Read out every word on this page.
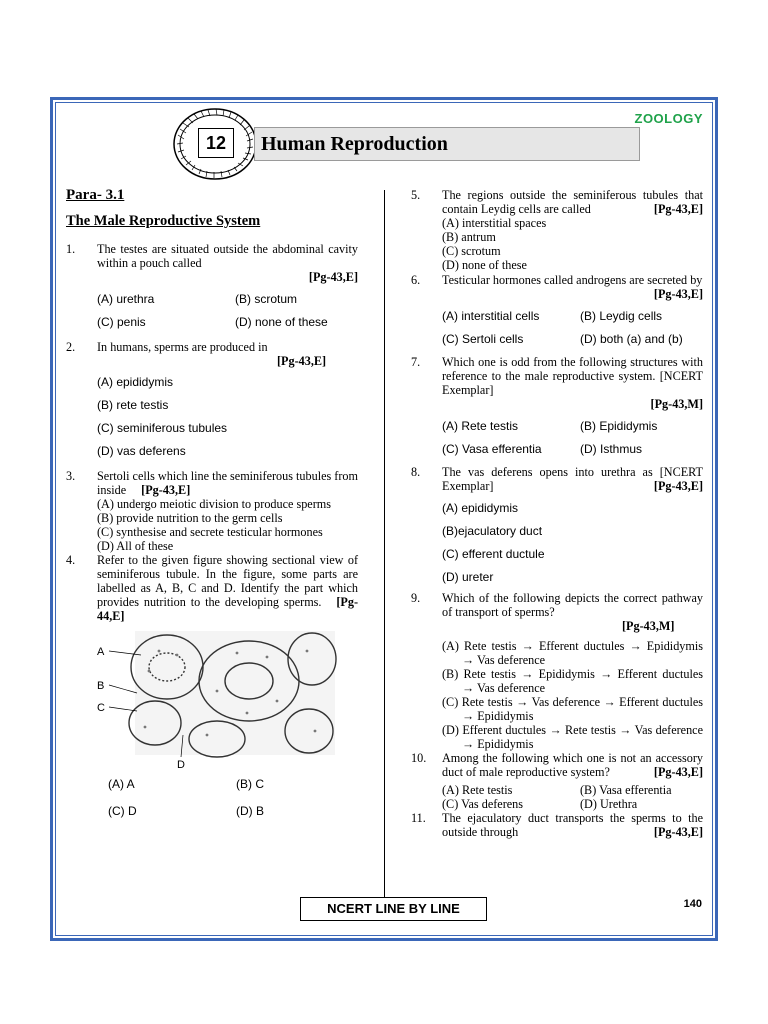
ZOOLOGY
12	Human Reproduction
Para- 3.1
The Male Reproductive System
1.	The testes are situated outside the abdominal cavity within a pouch called

[Pg-43,E]
(A) urethra	(B) scrotum
(C) penis	(D) none of these
2.	In humans, sperms are produced in
[Pg-43,E]
(A) epididymis
(B) rete testis
(C) seminiferous tubules
(D) vas deferens
3.	Sertoli cells which line the seminiferous tubules from inside [Pg-43,E]
(A) undergo meiotic division to produce sperms
(B) provide nutrition to the germ cells
(C) synthesise and secrete testicular hormones
(D) All of these
4.	Refer to the given figure showing sectional view of seminiferous tubule. In the figure, some parts are labelled as A, B, C and D. Identify the part which provides nutrition to the developing sperms. [Pg-44,E]
A
B
C
D
(A) A	(B) C
(C) D	(D) B
5.	The regions outside the seminiferous tubules that contain Leydig cells are called	[Pg-43,E]
(A) interstitial spaces
(B) antrum
(C) scrotum
(D) none of these
6.	Testicular hormones called androgens are secreted by
[Pg-43,E]
(A) interstitial cells	(B) Leydig cells
(C) Sertoli cells	(D) both (a) and (b)
7.	Which one is odd from the following structures with reference to the male reproductive system. [NCERT Exemplar]

[Pg-43,M]
(A) Rete testis	(B) Epididymis
(C) Vasa efferentia	(D) Isthmus
8.	The vas deferens opens into urethra as [NCERT Exemplar]	[Pg-43,E]
(A) epididymis
(B)ejaculatory duct
(C) efferent ductule
(D) ureter
9.	Which of the following depicts the correct pathway of transport of sperms?
[Pg-43,M]
(A) Rete testis → Efferent ductules → Epididymis → Vas deference
(B) Rete testis → Epididymis → Efferent ductules → Vas deference
(C) Rete testis → Vas deference → Efferent ductules → Epididymis
(D) Efferent ductules → Rete testis → Vas deference → Epididymis
10.	Among the following which one is not an accessory duct of male reproductive system?	[Pg-43,E]
(A) Rete testis	(B) Vasa efferentia
(C) Vas deferens	(D) Urethra
11.	The ejaculatory duct transports the sperms to the outside through	[Pg-43,E]
NCERT LINE BY LINE	140
